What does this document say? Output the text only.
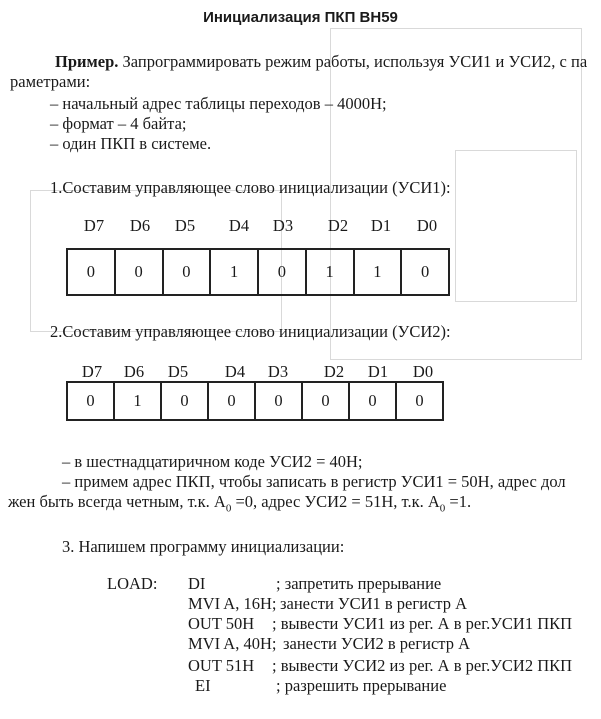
Инициализация ПКП ВН59
Пример. Запрограммировать режим работы, используя УСИ1 и УСИ2, с па
раметрами:
– начальный адрес таблицы переходов – 4000Н;
– формат – 4 байта;
– один ПКП в системе.
1.Составим управляющее слово инициализации (УСИ1):
D7	D6	D5	D4	D3	D2	D1	D0
0	0	0	1	0	1	1	0
2.Составим управляющее слово инициализации (УСИ2):
D7	D6	D5	D4	D3	D2	D1	D0
0	1	0	0	0	0	0	0
– в шестнадцатиричном коде УСИ2 = 40Н;
– примем адрес ПКП, чтобы записать в регистр УСИ1 = 50Н, адрес дол
жен быть всегда четным, т.к. $А_0 =0$, адрес УСИ2 = 51Н, т.к. $А_0 =1$.
3. Напишем программу инициализации:
LOAD: DI	; запретить прерывание
MVI A, 16H; занести УСИ1 в регистр А
OUT 50H ; вывести УСИ1 из рег. А в рег.УСИ1 ПКП
MVI A, 40H; занести УСИ2 в регистр А
OUT 51H ; вывести УСИ2 из рег. А в рег.УСИ2 ПКП
EI	; разрешить прерывание
